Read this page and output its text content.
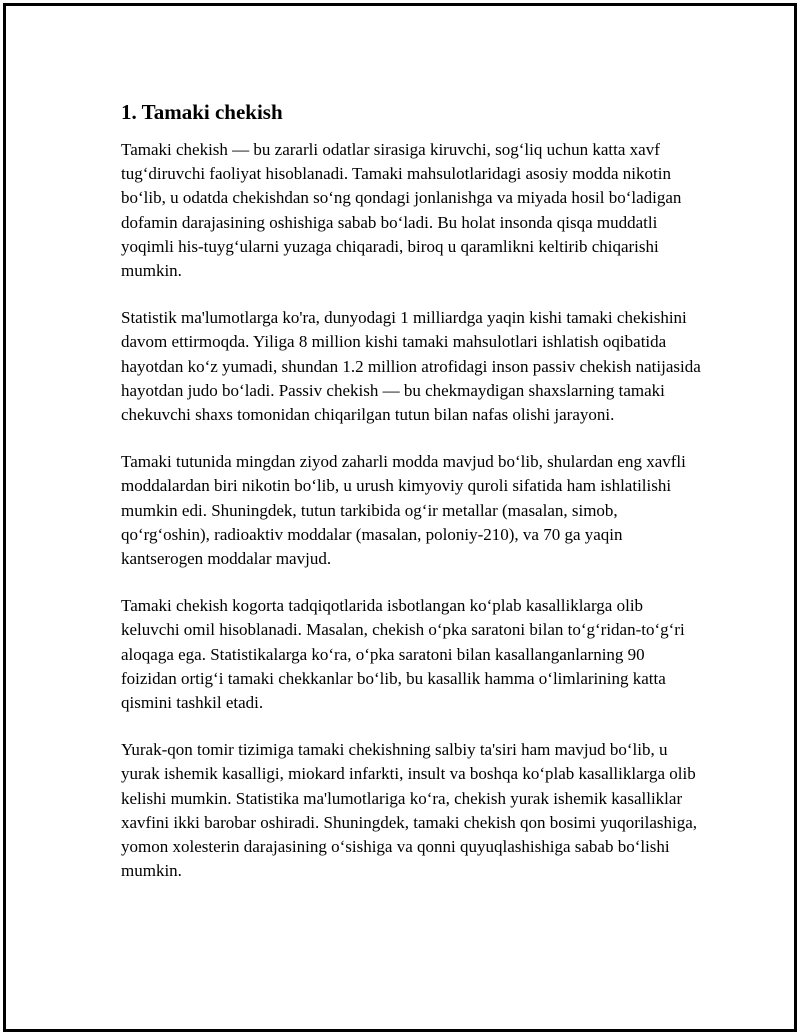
1. Tamaki chekish

Tamaki chekish — bu zararli odatlar sirasiga kiruvchi, sog‘liq uchun katta xavf tug‘diruvchi faoliyat hisoblanadi. Tamaki mahsulotlaridagi asosiy modda nikotin bo‘lib, u odatda chekishdan so‘ng qondagi jonlanishga va miyada hosil bo‘ladigan dofamin darajasining oshishiga sabab bo‘ladi. Bu holat insonda qisqa muddatli yoqimli his-tuyg‘ularni yuzaga chiqaradi, biroq u qaramlikni keltirib chiqarishi mumkin.

Statistik ma'lumotlarga ko'ra, dunyodagi 1 milliardga yaqin kishi tamaki chekishini davom ettirmoqda. Yiliga 8 million kishi tamaki mahsulotlari ishlatish oqibatida hayotdan ko‘z yumadi, shundan 1.2 million atrofidagi inson passiv chekish natijasida hayotdan judo bo‘ladi. Passiv chekish — bu chekmaydigan shaxslarning tamaki chekuvchi shaxs tomonidan chiqarilgan tutun bilan nafas olishi jarayoni.

Tamaki tutunida mingdan ziyod zaharli modda mavjud bo‘lib, shulardan eng xavfli moddalardan biri nikotin bo‘lib, u urush kimyoviy quroli sifatida ham ishlatilishi mumkin edi. Shuningdek, tutun tarkibida og‘ir metallar (masalan, simob, qo‘rg‘oshin), radioaktiv moddalar (masalan, poloniy-210), va 70 ga yaqin kantserogen moddalar mavjud.

Tamaki chekish kogorta tadqiqotlarida isbotlangan ko‘plab kasalliklarga olib keluvchi omil hisoblanadi. Masalan, chekish o‘pka saratoni bilan to‘g‘ridan-to‘g‘ri aloqaga ega. Statistikalarga ko‘ra, o‘pka saratoni bilan kasallanganlarning 90 foizidan ortig‘i tamaki chekkanlar bo‘lib, bu kasallik hamma o‘limlarining katta qismini tashkil etadi.

Yurak-qon tomir tizimiga tamaki chekishning salbiy ta'siri ham mavjud bo‘lib, u yurak ishemik kasalligi, miokard infarkti, insult va boshqa ko‘plab kasalliklarga olib kelishi mumkin. Statistika ma'lumotlariga ko‘ra, chekish yurak ishemik kasalliklar xavfini ikki barobar oshiradi. Shuningdek, tamaki chekish qon bosimi yuqorilashiga, yomon xolesterin darajasining o‘sishiga va qonni quyuqlashishiga sabab bo‘lishi mumkin.
